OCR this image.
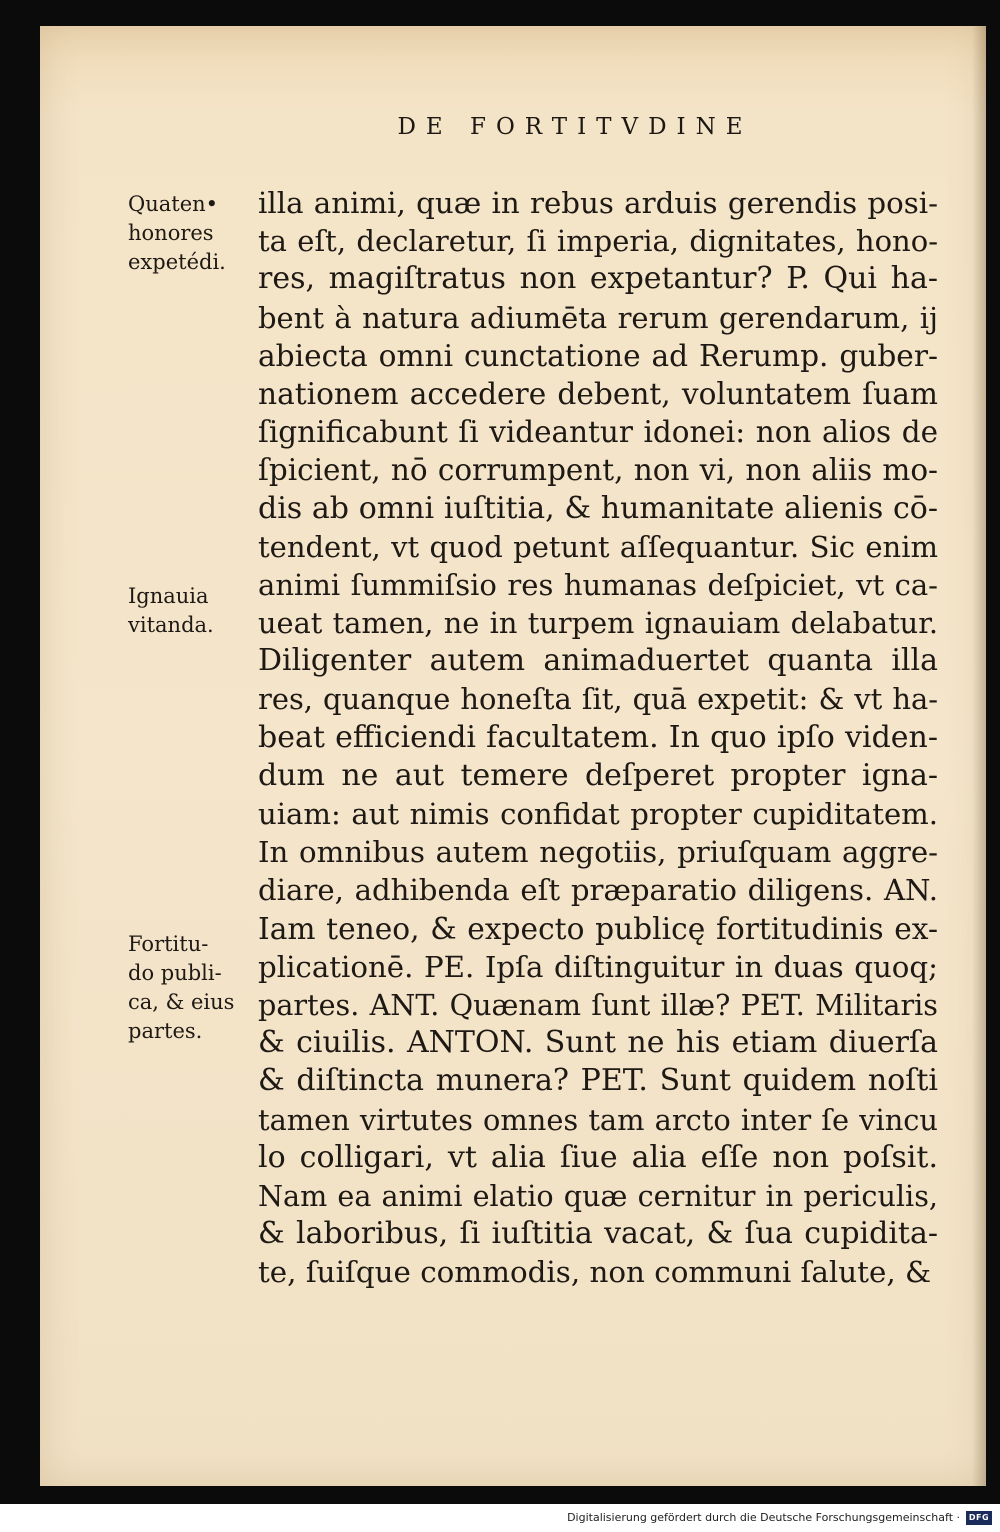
DE FORTITVDINE
Quaten•
honores
expetédi.
Ignauia
vitanda.
Fortitu-
do publi-
ca, & eius
partes.
illa animi, quæ in rebus arduis gerendis posi-
ta eſt, declaretur, ſi imperia, dignitates, hono-
res, magiſtratus non expetantur? P. Qui ha-
bent à natura adiumēta rerum gerendarum, ij
abiecta omni cunctatione ad Rerump. guber-
nationem accedere debent, voluntatem ſuam
ſignificabunt ſi videantur idonei: non alios de
ſpicient, nō corrumpent, non vi, non aliis mo-
dis ab omni iuſtitia, & humanitate alienis cō-
tendent, vt quod petunt aſſequantur. Sic enim
animi ſummiſsio res humanas deſpiciet, vt ca-
ueat tamen, ne in turpem ignauiam delabatur.
Diligenter autem animaduertet quanta illa
res, quanque honeſta ſit, quā expetit: & vt ha-
beat efficiendi facultatem. In quo ipſo viden-
dum ne aut temere deſperet propter igna-
uiam: aut nimis confidat propter cupiditatem.
In omnibus autem negotiis, priuſquam aggre-
diare, adhibenda eſt præparatio diligens. AN.
Iam teneo, & expecto publicę fortitudinis ex-
plicationē. PE. Ipſa diſtinguitur in duas quoq;
partes. ANT. Quænam ſunt illæ? PET. Militaris
& ciuilis. ANTON. Sunt ne his etiam diuerſa
& diſtincta munera? PET. Sunt quidem noſti
tamen virtutes omnes tam arcto inter ſe vincu
lo colligari, vt alia ſiue alia eſſe non poſsit.
Nam ea animi elatio quæ cernitur in periculis,
& laboribus, ſi iuſtitia vacat, & ſua cupidita-
te, ſuiſque commodis, non communi ſalute, &
Digitalisierung gefördert durch die Deutsche Forschungsgemeinschaft ·	DFG
